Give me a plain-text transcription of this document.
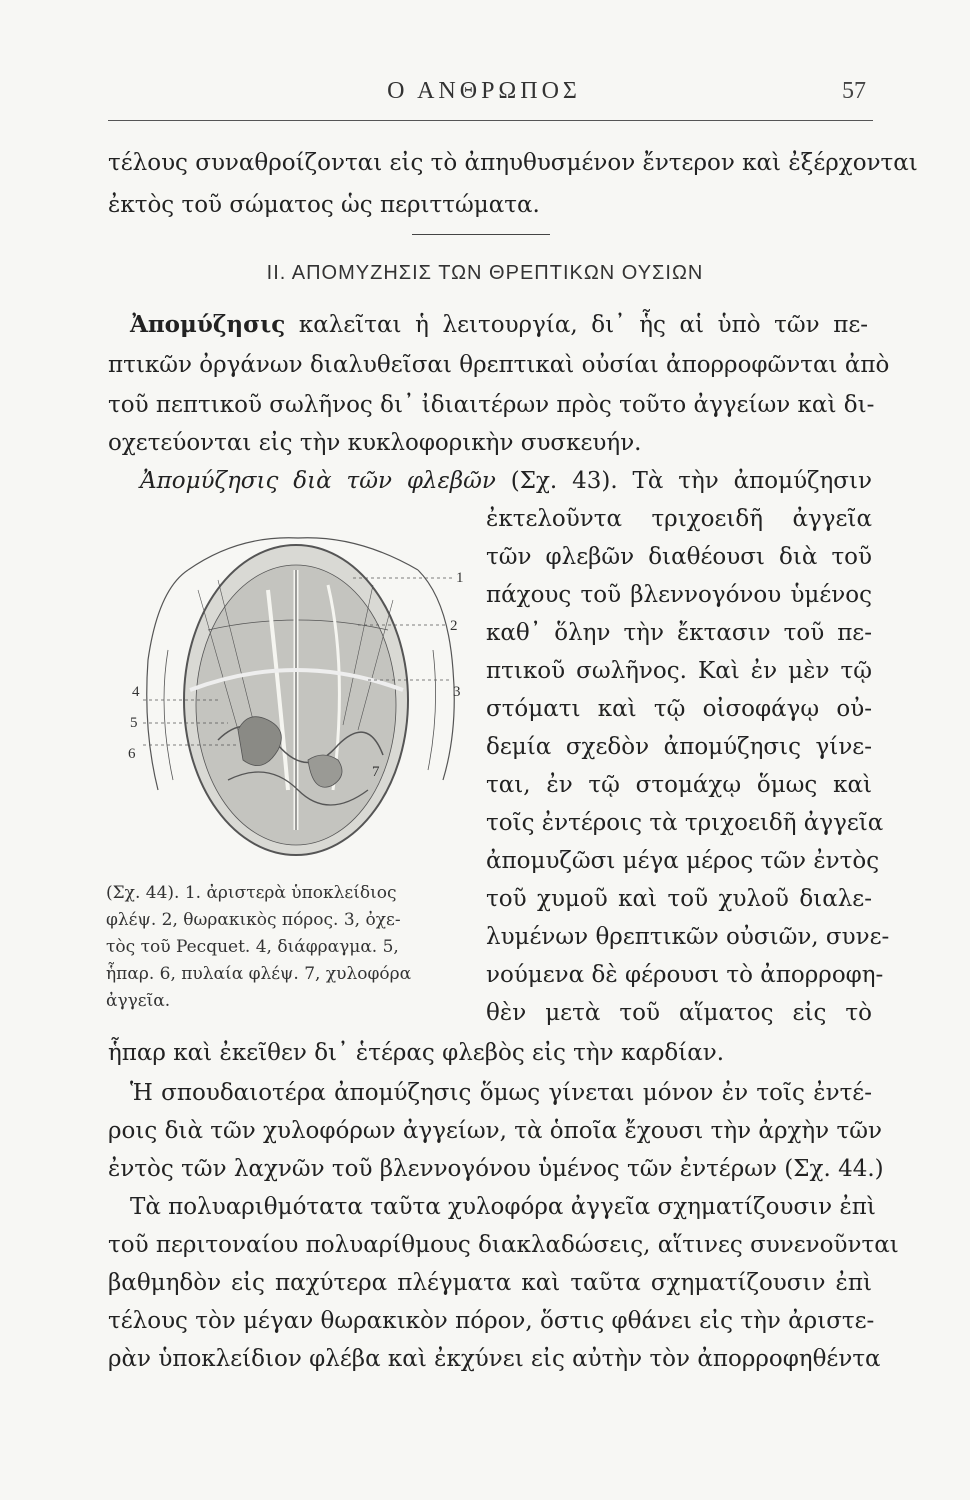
Ο ΑΝΘΡΩΠΟΣ	57
τέλους συναθροίζονται εἰς τὸ ἀπηυθυσμένον ἔντερον καὶ ἐξέρχονται
ἐκτὸς τοῦ σώματος ὡς περιττώματα.
ΙΙ. ΑΠΟΜΥΖΗΣΙΣ ΤΩΝ ΘΡΕΠΤΙΚΩΝ ΟΥΣΙΩΝ
Ἀπομύζησις καλεῖται ἡ λειτουργία, δι᾽ ἧς αἱ ὑπὸ τῶν πε-
πτικῶν ὀργάνων διαλυθεῖσαι θρεπτικαὶ οὐσίαι ἀπορροφῶνται ἀπὸ
τοῦ πεπτικοῦ σωλῆνος δι᾽ ἰδιαιτέρων πρὸς τοῦτο ἀγγείων καὶ δι-
οχετεύονται εἰς τὴν κυκλοφορικὴν συσκευήν.
Ἀπομύζησις διὰ τῶν φλεβῶν (Σχ. 43). Τὰ τὴν ἀπομύζησιν
ἐκτελοῦντα τριχοειδῆ ἀγγεῖα
τῶν φλεβῶν διαθέουσι διὰ τοῦ
πάχους τοῦ βλεννογόνου ὑμένος
καθ᾽ ὅλην τὴν ἔκτασιν τοῦ πε-
πτικοῦ σωλῆνος. Καὶ ἐν μὲν τῷ
στόματι καὶ τῷ οἰσοφάγῳ οὐ-
δεμία σχεδὸν ἀπομύζησις γίνε-
ται, ἐν τῷ στομάχῳ ὅμως καὶ
τοῖς ἐντέροις τὰ τριχοειδῆ ἀγγεῖα
ἀπομυζῶσι μέγα μέρος τῶν ἐντὸς
τοῦ χυμοῦ καὶ τοῦ χυλοῦ διαλε-
λυμένων θρεπτικῶν οὐσιῶν, συνε-
νούμενα δὲ φέρουσι τὸ ἀπορροφη-
θὲν μετὰ τοῦ αἵματος εἰς τὸ
ἧπαρ καὶ ἐκεῖθεν δι᾽ ἑτέρας φλεβὸς εἰς τὴν καρδίαν.
1
2
3
4
5
6
7
(Σχ. 44). 1. ἀριστερὰ ὑποκλείδιος
φλέψ. 2, θωρακικὸς πόρος. 3, ὀχε-
τὸς τοῦ Pecquet. 4, διάφραγμα. 5,
ἧπαρ. 6, πυλαία φλέψ. 7, χυλοφόρα
ἀγγεῖα.
Ἡ σπουδαιοτέρα ἀπομύζησις ὅμως γίνεται μόνον ἐν τοῖς ἐντέ-
ροις διὰ τῶν χυλοφόρων ἀγγείων, τὰ ὁποῖα ἔχουσι τὴν ἀρχὴν τῶν
ἐντὸς τῶν λαχνῶν τοῦ βλεννογόνου ὑμένος τῶν ἐντέρων (Σχ. 44.)
Τὰ πολυαριθμότατα ταῦτα χυλοφόρα ἀγγεῖα σχηματίζουσιν ἐπὶ
τοῦ περιτοναίου πολυαρίθμους διακλαδώσεις, αἵτινες συνενοῦνται
βαθμηδὸν εἰς παχύτερα πλέγματα καὶ ταῦτα σχηματίζουσιν ἐπὶ
τέλους τὸν μέγαν θωρακικὸν πόρον, ὅστις φθάνει εἰς τὴν ἀριστε-
ρὰν ὑποκλείδιον φλέβα καὶ ἐκχύνει εἰς αὐτὴν τὸν ἀπορροφηθέντα
